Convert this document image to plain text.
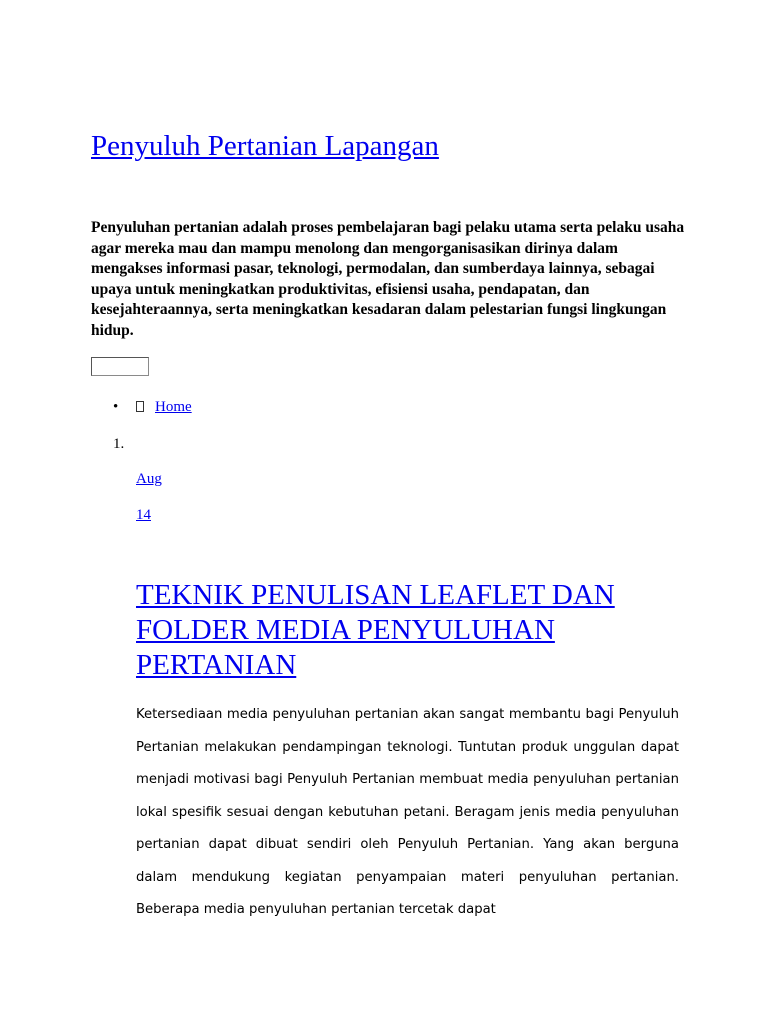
Penyuluh Pertanian Lapangan

Penyuluhan pertanian adalah proses pembelajaran bagi pelaku utama serta pelaku usaha agar mereka mau dan mampu menolong dan mengorganisasikan dirinya dalam mengakses informasi pasar, teknologi, permodalan, dan sumberdaya lainnya, sebagai upaya untuk meningkatkan produktivitas, efisiensi usaha, pendapatan, dan kesejahteraannya, serta meningkatkan kesadaran dalam pelestarian fungsi lingkungan hidup.

• Home
1.
Aug
14
TEKNIK PENULISAN LEAFLET DAN FOLDER MEDIA PENYULUHAN PERTANIAN

Ketersediaan media penyuluhan pertanian akan sangat membantu bagi Penyuluh Pertanian melakukan pendampingan teknologi. Tuntutan produk unggulan dapat menjadi motivasi bagi Penyuluh Pertanian membuat media penyuluhan pertanian lokal spesifik sesuai dengan kebutuhan petani. Beragam jenis media penyuluhan pertanian dapat dibuat sendiri oleh Penyuluh Pertanian. Yang akan berguna dalam mendukung kegiatan penyampaian materi penyuluhan pertanian. Beberapa media penyuluhan pertanian tercetak dapat
